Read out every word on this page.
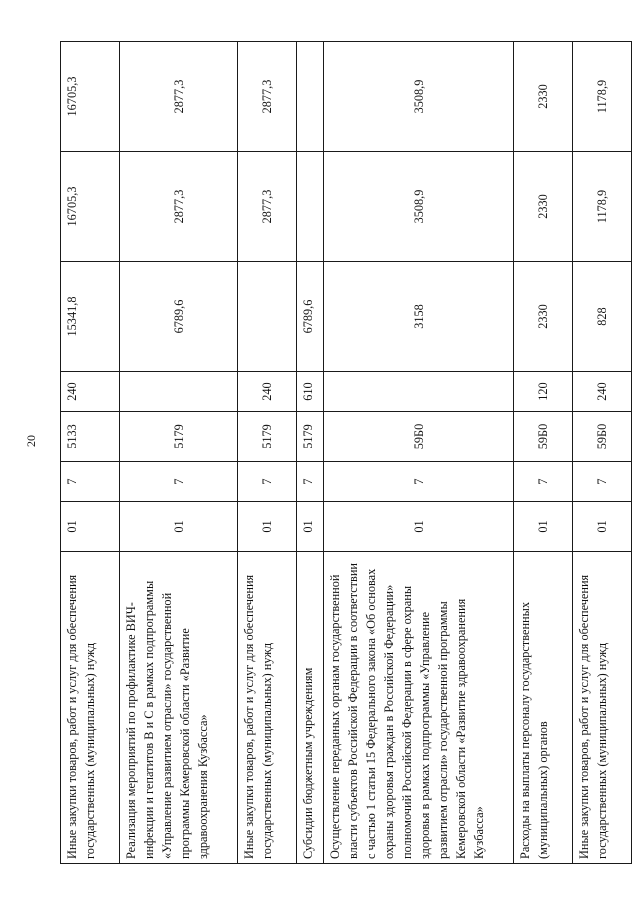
20
Иные закупки товаров, работ и услуг для обеспечения государственных (муниципальных) нужд	01	7	5133	240	15341,8	16705,3	16705,3
Реализация мероприятий по профилактике ВИЧ-инфекции и гепатитов В и С в рамках подпрограммы «Управление развитием отрасли» государственной программы Кемеровской области «Развитие здравоохранения Кузбасса»	01	7	5179		6789,6	2877,3	2877,3
Иные закупки товаров, работ и услуг для обеспечения государственных (муниципальных) нужд	01	7	5179	240		2877,3	2877,3
Субсидии бюджетным учреждениям	01	7	5179	610	6789,6		
Осуществление переданных органам государственной власти субъектов Российской Федерации в соответствии с частью 1 статьи 15 Федерального закона «Об основах охраны здоровья граждан в Российской Федерации» полномочий Российской Федерации в сфере охраны здоровья в рамках подпрограммы «Управление развитием отрасли» государственной программы Кемеровской области «Развитие здравоохранения Кузбасса»	01	7	59Б0		3158	3508,9	3508,9
Расходы на выплаты персоналу государственных (муниципальных) органов	01	7	59Б0	120	2330	2330	2330
Иные закупки товаров, работ и услуг для обеспечения государственных (муниципальных) нужд	01	7	59Б0	240	828	1178,9	1178,9
